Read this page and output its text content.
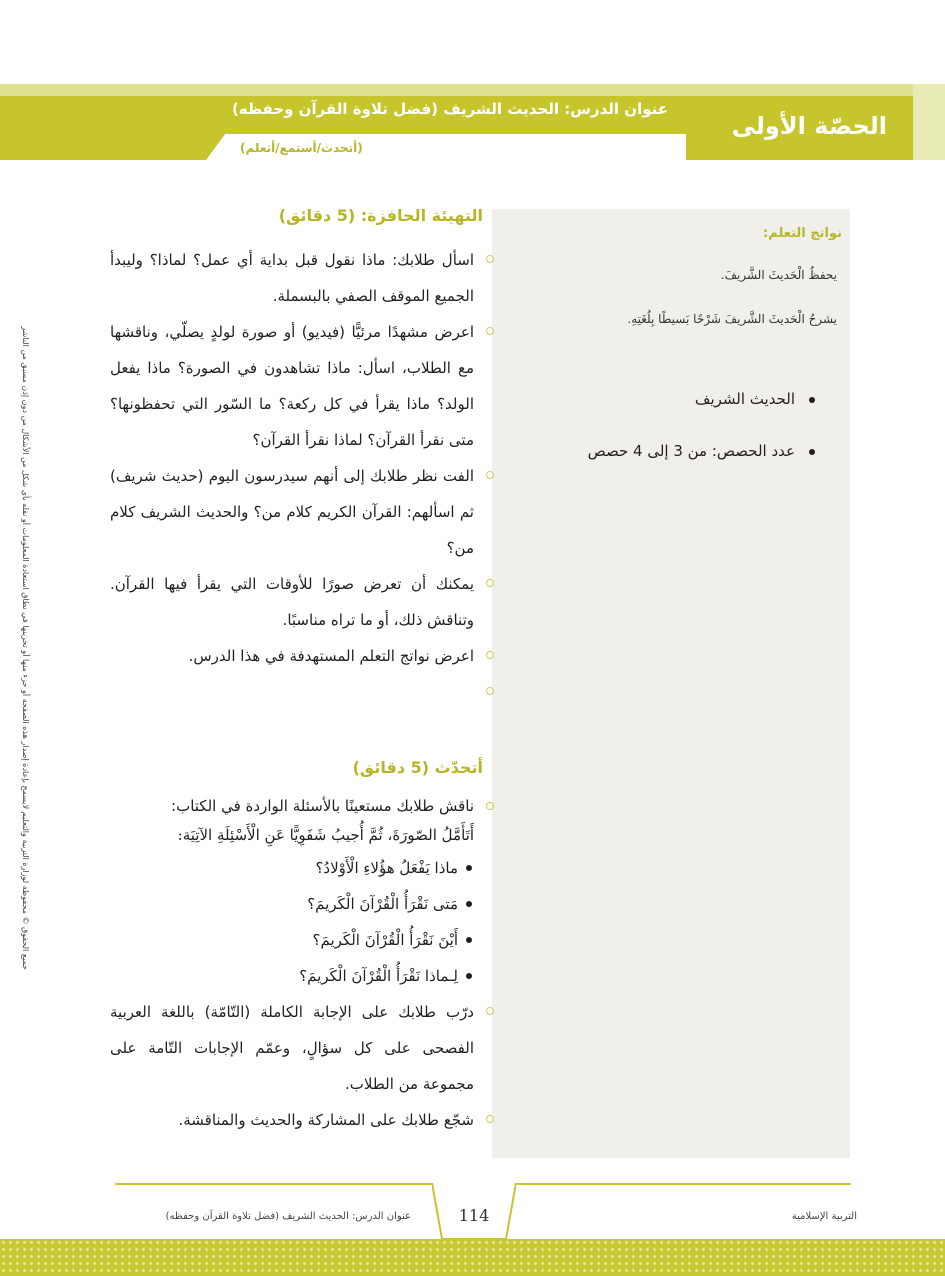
الحصّة الأولى
عنوان الدرس: الحديث الشريف (فضل تلاوة القرآن وحفظه)
(أتحدث/أستمع/أتعلم)
نواتج التعلم:
يحفظُ الْحَديثَ الشَّريفَ.
يشرحُ الْحَديثَ الشَّريفَ شَرْحًا بَسيطًا بِلُغَتِهِ.
الحديث الشريف
عدد الحصص: من 3 إلى 4 حصص
التهيئة الحافزة: (5 دقائق)
اسأل طلابك: ماذا نقول قبل بداية أي عمل؟ لماذا؟ وليبدأ الجميع الموقف الصفي بالبسملة.
اعرض مشهدًا مرئيًّا (فيديو) أو صورة لولدٍ يصلّي، وناقشها مع الطلاب، اسأل: ماذا تشاهدون في الصورة؟ ماذا يفعل الولد؟ ماذا يقرأ في كل ركعة؟ ما السّور التي تحفظونها؟ متى نقرأ القرآن؟ لماذا نقرأ القرآن؟
الفت نظر طلابك إلى أنهم سيدرسون اليوم (حديث شريف) ثم اسألهم: القرآن الكريم كلام من؟ والحديث الشريف كلام من؟
يمكنك أن تعرض صورًا للأوقات التي يقرأ فيها القرآن. وتناقش ذلك، أو ما تراه مناسبًا.
اعرض نواتج التعلم المستهدفة في هذا الدرس.
أتحدّث (5 دقائق)
ناقش طلابك مستعينًا بالأسئلة الواردة في الكتاب:
أَتَأَمَّلُ الصّورَةَ، ثُمَّ أُجيبُ شَفَوِيًّا عَنِ الْأَسْئِلَةِ الآتِيَة:
ماذا يَفْعَلُ هؤُلاءِ الْأَوْلادُ؟
مَتى نَقْرَأُ الْقُرْآنَ الْكَريمَ؟
أَيْنَ نَقْرَأُ الْقُرْآنَ الْكَريمَ؟
لِـماذا نَقْرَأُ الْقُرْآنَ الْكَريمَ؟
درّب طلابك على الإجابة الكاملة (التّامّة) باللغة العربية الفصحى على كل سؤالٍ، وعمّم الإجابات التّامة على مجموعة من الطلاب.
شجّع طلابك على المشاركة والحديث والمناقشة.
جميع الحقوق © محفوظة لوزارة التربية والتعليم لايسمح بإعادة إصدار هذه الصفحة أو جزء منها أو تخزينها في نطاق استعادة المعلومات أو نقله بأي شكل من الأشكال من دون إذن مسبق من الناشر
114
عنوان الدرس: الحديث الشريف (فضل تلاوة القرآن وحفظه)	التربية الإسلامية
